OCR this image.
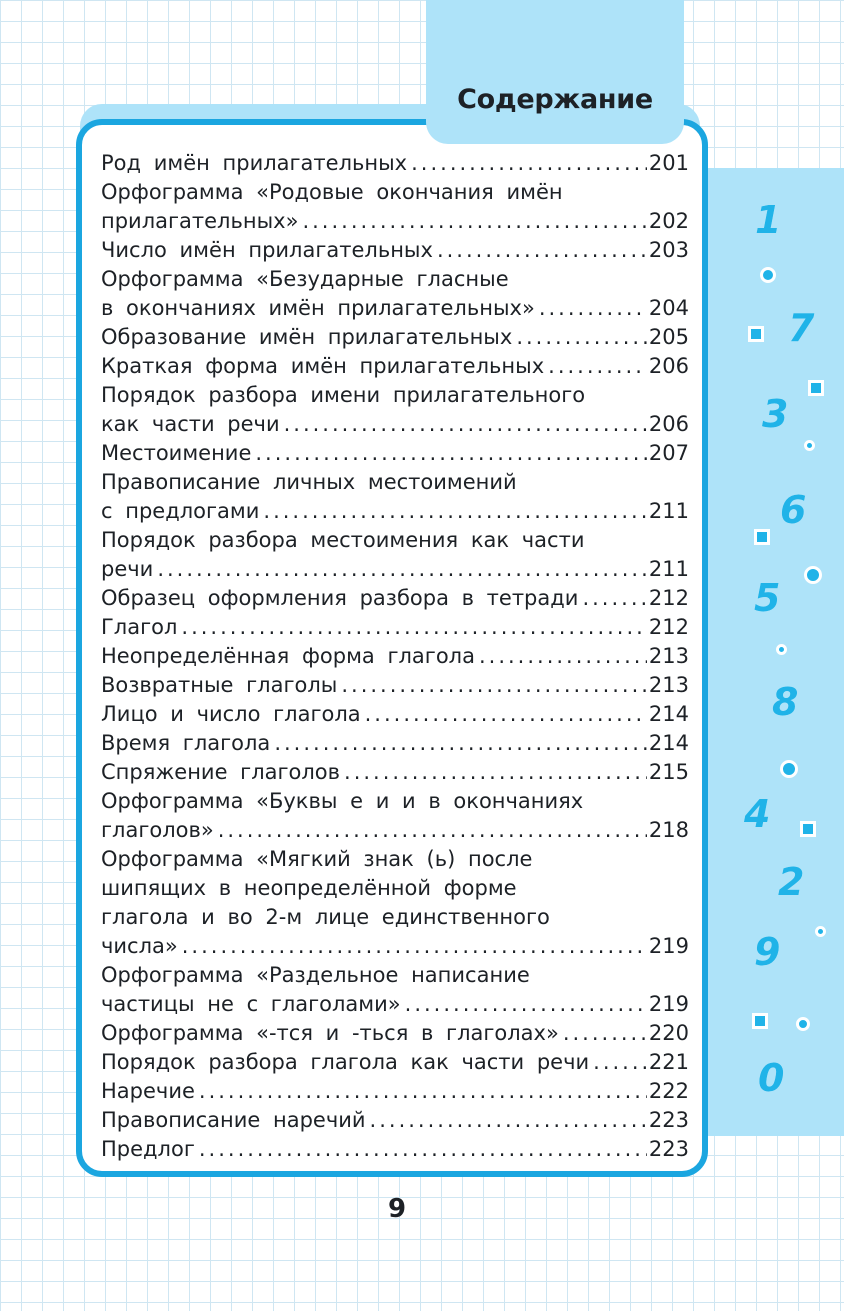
Содержание
Род имён прилагательных .....	201
Орфограмма «Родовые окончания имён
прилагательных» .....	202
Число имён прилагательных .....	203
Орфограмма «Безударные гласные
в окончаниях имён прилагательных» .....	204
Образование имён прилагательных .....	205
Краткая форма имён прилагательных .....	206
Порядок разбора имени прилагательного
как части речи .....	206
Местоимение .....	207
Правописание личных местоимений
с предлогами .....	211
Порядок разбора местоимения как части
речи .....	211
Образец оформления разбора в тетради .....	212
Глагол .....	212
Неопределённая форма глагола .....	213
Возвратные глаголы .....	213
Лицо и число глагола .....	214
Время глагола .....	214
Спряжение глаголов .....	215
Орфограмма «Буквы е и и в окончаниях
глаголов» .....	218
Орфограмма «Мягкий знак (ь) после
шипящих в неопределённой форме
глагола и во 2-м лице единственного
числа» .....	219
Орфограмма «Раздельное написание
частицы не с глаголами» .....	219
Орфограмма «-тся и -ться в глаголах» .....	220
Порядок разбора глагола как части речи .....	221
Наречие .....	222
Правописание наречий .....	223
Предлог .....	223
1
7
3
6
5
8
4
2
9
0
9
